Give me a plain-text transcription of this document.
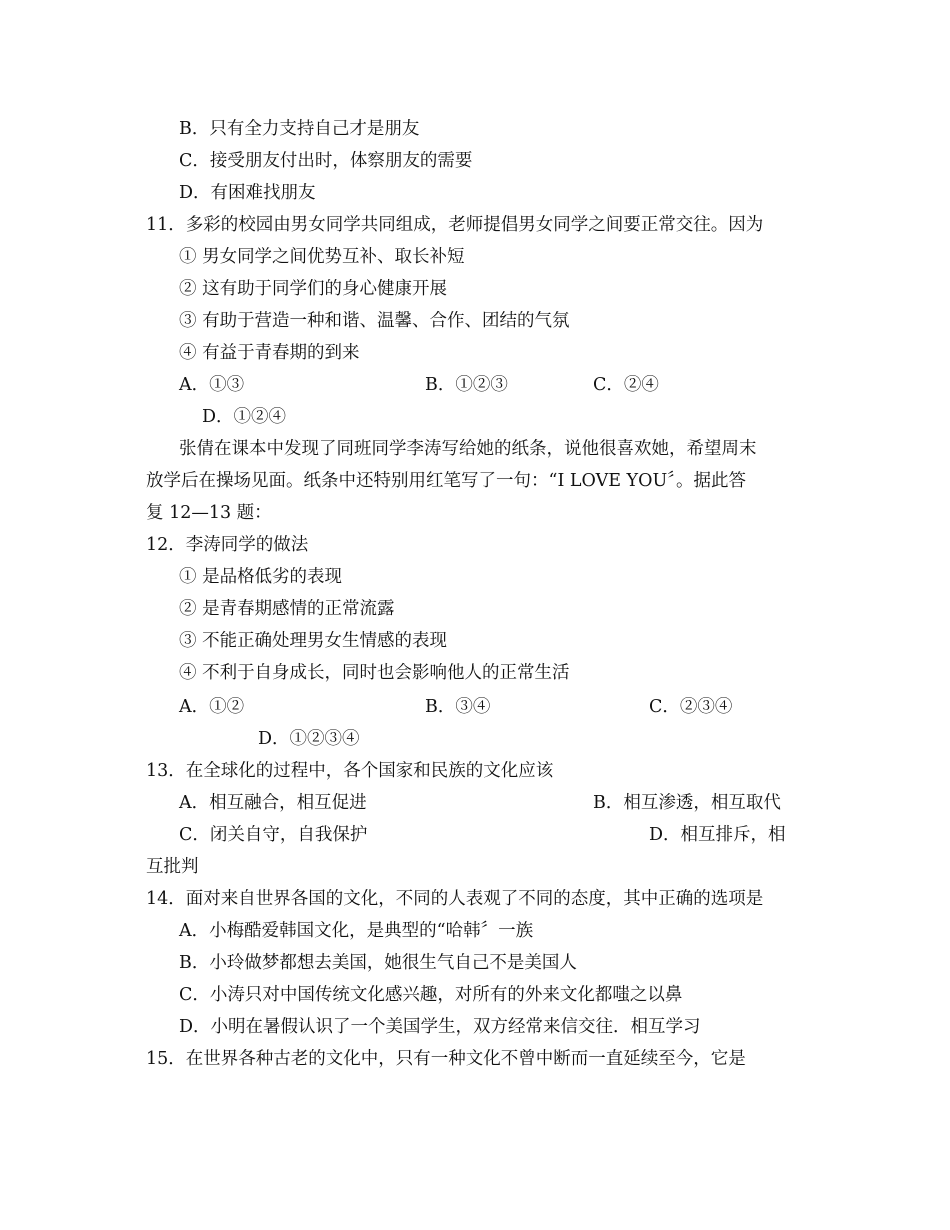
B．只有全力支持自己才是朋友
C．接受朋友付出时，体察朋友的需要
D．有困难找朋友
11．多彩的校园由男女同学共同组成，老师提倡男女同学之间要正常交往。因为
① 男女同学之间优势互补、取长补短
② 这有助于同学们的身心健康开展
③ 有助于营造一种和谐、温馨、合作、团结的气氛
④ 有益于青春期的到来
A．①③	B．①②③	C．②④
D．①②④
张倩在课本中发现了同班同学李涛写给她的纸条，说他很喜欢她，希望周末
放学后在操场见面。纸条中还特别用红笔写了一句：“I LOVE YOU〞。据此答
复 12—13 题：
12．李涛同学的做法
① 是品格低劣的表现
② 是青春期感情的正常流露
③ 不能正确处理男女生情感的表现
④ 不利于自身成长，同时也会影响他人的正常生活
A．①②	B．③④	C．②③④
D．①②③④
13．在全球化的过程中，各个国家和民族的文化应该
A．相互融合，相互促进	B．相互渗透，相互取代
C．闭关自守，自我保护	D．相互排斥，相
互批判
14．面对来自世界各国的文化，不同的人表观了不同的态度，其中正确的选项是
A．小梅酷爱韩国文化，是典型的“哈韩〞一族
B．小玲做梦都想去美国，她很生气自己不是美国人
C．小涛只对中国传统文化感兴趣，对所有的外来文化都嗤之以鼻
D．小明在暑假认识了一个美国学生，双方经常来信交往．相互学习
15．在世界各种古老的文化中，只有一种文化不曾中断而一直延续至今，它是
